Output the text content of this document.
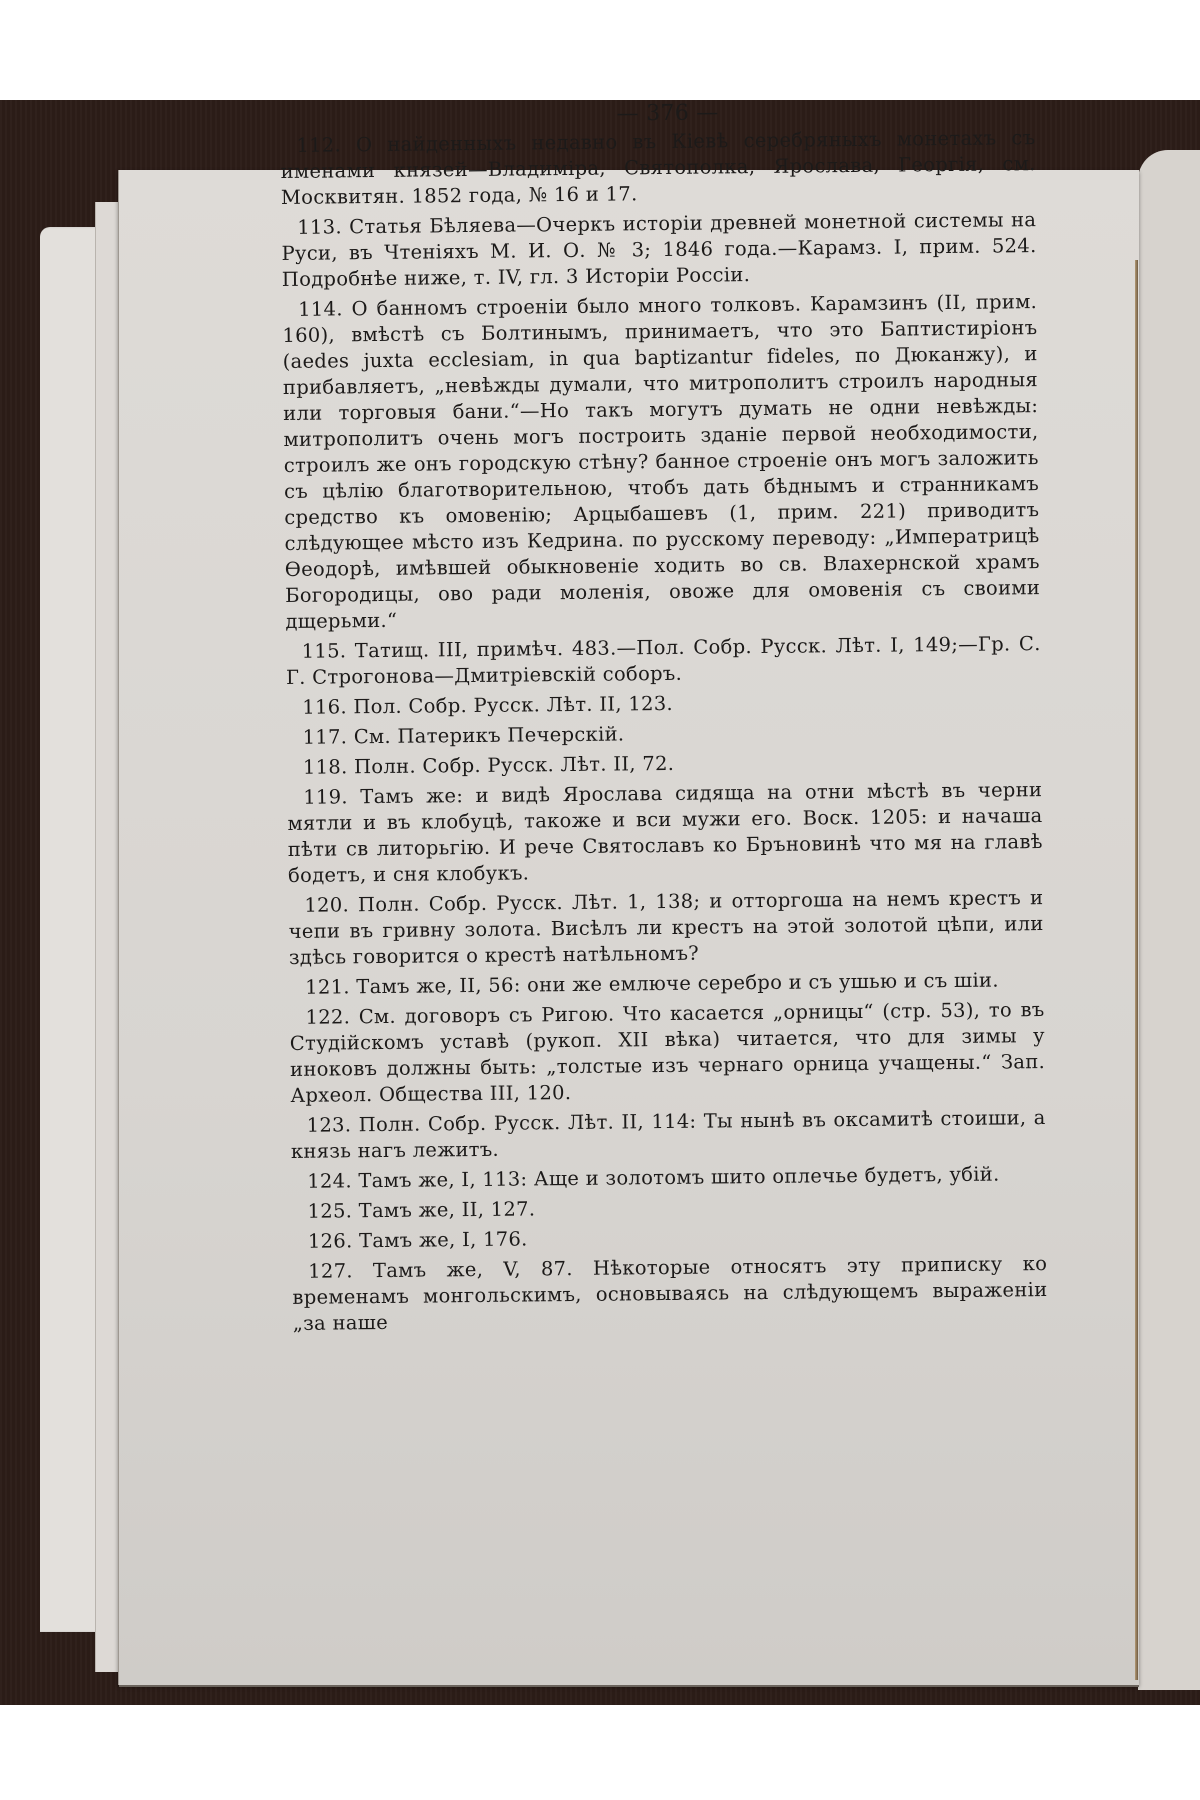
— 376 —

112. О найденныхъ недавно въ Кіевѣ серебряныхъ монетахъ съ именами князей—Владиміра, Святополка, Ярослава, Георгія, см. Москвитян. 1852 года, № 16 и 17.

113. Статья Бѣляева—Очеркъ исторіи древней монетной системы на Руси, въ Чтеніяхъ М. И. О. № 3; 1846 года.—Карамз. I, прим. 524. Подробнѣе ниже, т. IV, гл. 3 Исторіи Россіи.

114. О банномъ строеніи было много толковъ. Карамзинъ (II, прим. 160), вмѣстѣ съ Болтинымъ, принимаетъ, что это Баптистиріонъ (aedes juxta ecclesiam, in qua baptizantur fideles, по Дюканжу), и прибавляетъ, „невѣжды думали, что митрополитъ строилъ народныя или торговыя бани.“—Но такъ могутъ думать не одни невѣжды: митрополитъ очень могъ построить зданіе первой необходимости, строилъ же онъ городскую стѣну? банное строеніе онъ могъ заложить съ цѣлію благотворительною, чтобъ дать бѣднымъ и странникамъ средство къ омовенію; Арцыбашевъ (1, прим. 221) приводитъ слѣдующее мѣсто изъ Кедрина. по русскому переводу: „Императрицѣ Ѳеодорѣ, имѣвшей обыкновеніе ходить во св. Влахернской храмъ Богородицы, ово ради моленія, овоже для омовенія съ своими дщерьми.“

115. Татищ. III, примѣч. 483.—Пол. Собр. Русск. Лѣт. I, 149;—Гр. С. Г. Строгонова—Дмитріевскій соборъ.

116. Пол. Собр. Русск. Лѣт. II, 123.

117. См. Патерикъ Печерскій.

118. Полн. Собр. Русск. Лѣт. II, 72.

119. Тамъ же: и видѣ Ярослава сидяща на отни мѣстѣ въ черни мятли и въ клобуцѣ, такоже и вси мужи его. Воск. 1205: и начаша пѣти св литорьгію. И рече Святославъ ко Бръновинѣ что мя на главѣ бодетъ, и сня клобукъ.

120. Полн. Собр. Русск. Лѣт. 1, 138; и отторгоша на немъ крестъ и чепи въ гривну золота. Висѣлъ ли крестъ на этой золотой цѣпи, или здѣсь говорится о крестѣ натѣльномъ?

121. Тамъ же, II, 56: они же емлюче серебро и съ ушью и съ шіи.

122. См. договоръ съ Ригою. Что касается „орницы“ (стр. 53), то въ Студійскомъ уставѣ (рукоп. XII вѣка) читается, что для зимы у иноковъ должны быть: „толстые изъ чернаго орница учащены.“ Зап. Археол. Общества III, 120.

123. Полн. Собр. Русск. Лѣт. II, 114: Ты нынѣ въ оксамитѣ стоиши, а князь нагъ лежитъ.

124. Тамъ же, I, 113: Аще и золотомъ шито оплечье будетъ, убій.

125. Тамъ же, II, 127.

126. Тамъ же, I, 176.

127. Тамъ же, V, 87. Нѣкоторые относятъ эту приписку ко временамъ монгольскимъ, основываясь на слѣдующемъ выраженіи „за наше
